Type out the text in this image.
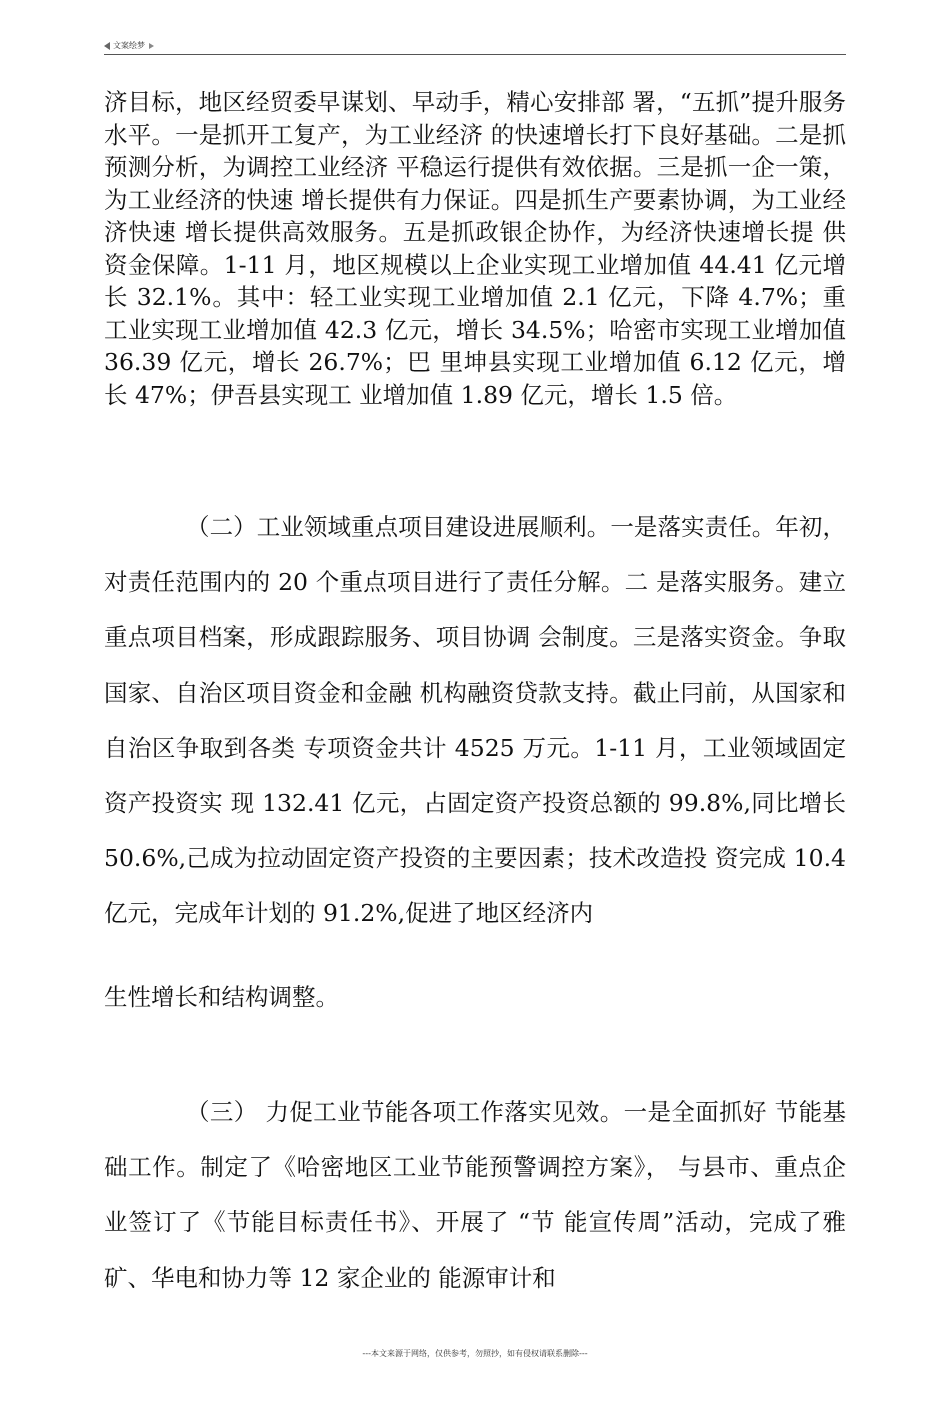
文案绘梦

济目标，地区经贸委早谋划、早动手，精心安排部 署，“五抓”提升服务水平。一是抓开工复产，为工业经济 的快速增长打下良好基础。二是抓预测分析，为调控工业经济 平稳运行提供有效依据。三是抓一企一策，为工业经济的快速 增长提供有力保证。四是抓生产要素协调，为工业经济快速 增长提供高效服务。五是抓政银企协作，为经济快速增长提 供资金保障。1-11 月，地区规模以上企业实现工业增加值 44.41 亿元增长 32.1%。其中：轻工业实现工业增加值 2.1 亿元，下降 4.7%；重工业实现工业增加值 42.3 亿元，增长 34.5%；哈密市实现工业增加值 36.39 亿元，增长 26.7%；巴 里坤县实现工业增加值 6.12 亿元，增长 47%；伊吾县实现工 业增加值 1.89 亿元，增长 1.5 倍。

（二）工业领域重点项目建设进展顺利。一是落实责任。年初，对责任范围内的 20 个重点项目进行了责任分解。二 是落实服务。建立重点项目档案，形成跟踪服务、项目协调 会制度。三是落实资金。争取国家、自治区项目资金和金融 机构融资贷款支持。截止冃前，从国家和自治区争取到各类 专项资金共计 4525 万元。1-11 月，工业领域固定资产投资实 现 132.41 亿元，占固定资产投资总额的 99.8%,同比增长 50.6%,己成为拉动固定资产投资的主要因素；技术改造投 资完成 10.4 亿元，完成年计划的 91.2%,促进了地区经济内

生性增长和结构调整。

（三） 力促工业节能各项工作落实见效。一是全面抓好 节能基础工作。制定了《哈密地区工业节能预警调控方案》， 与县市、重点企业签订了《节能目标责任书》、开展了 “节 能宣传周”活动，完成了雅矿、华电和协力等 12 家企业的 能源审计和

---本文来源于网络，仅供参考，勿照抄，如有侵权请联系删除---
